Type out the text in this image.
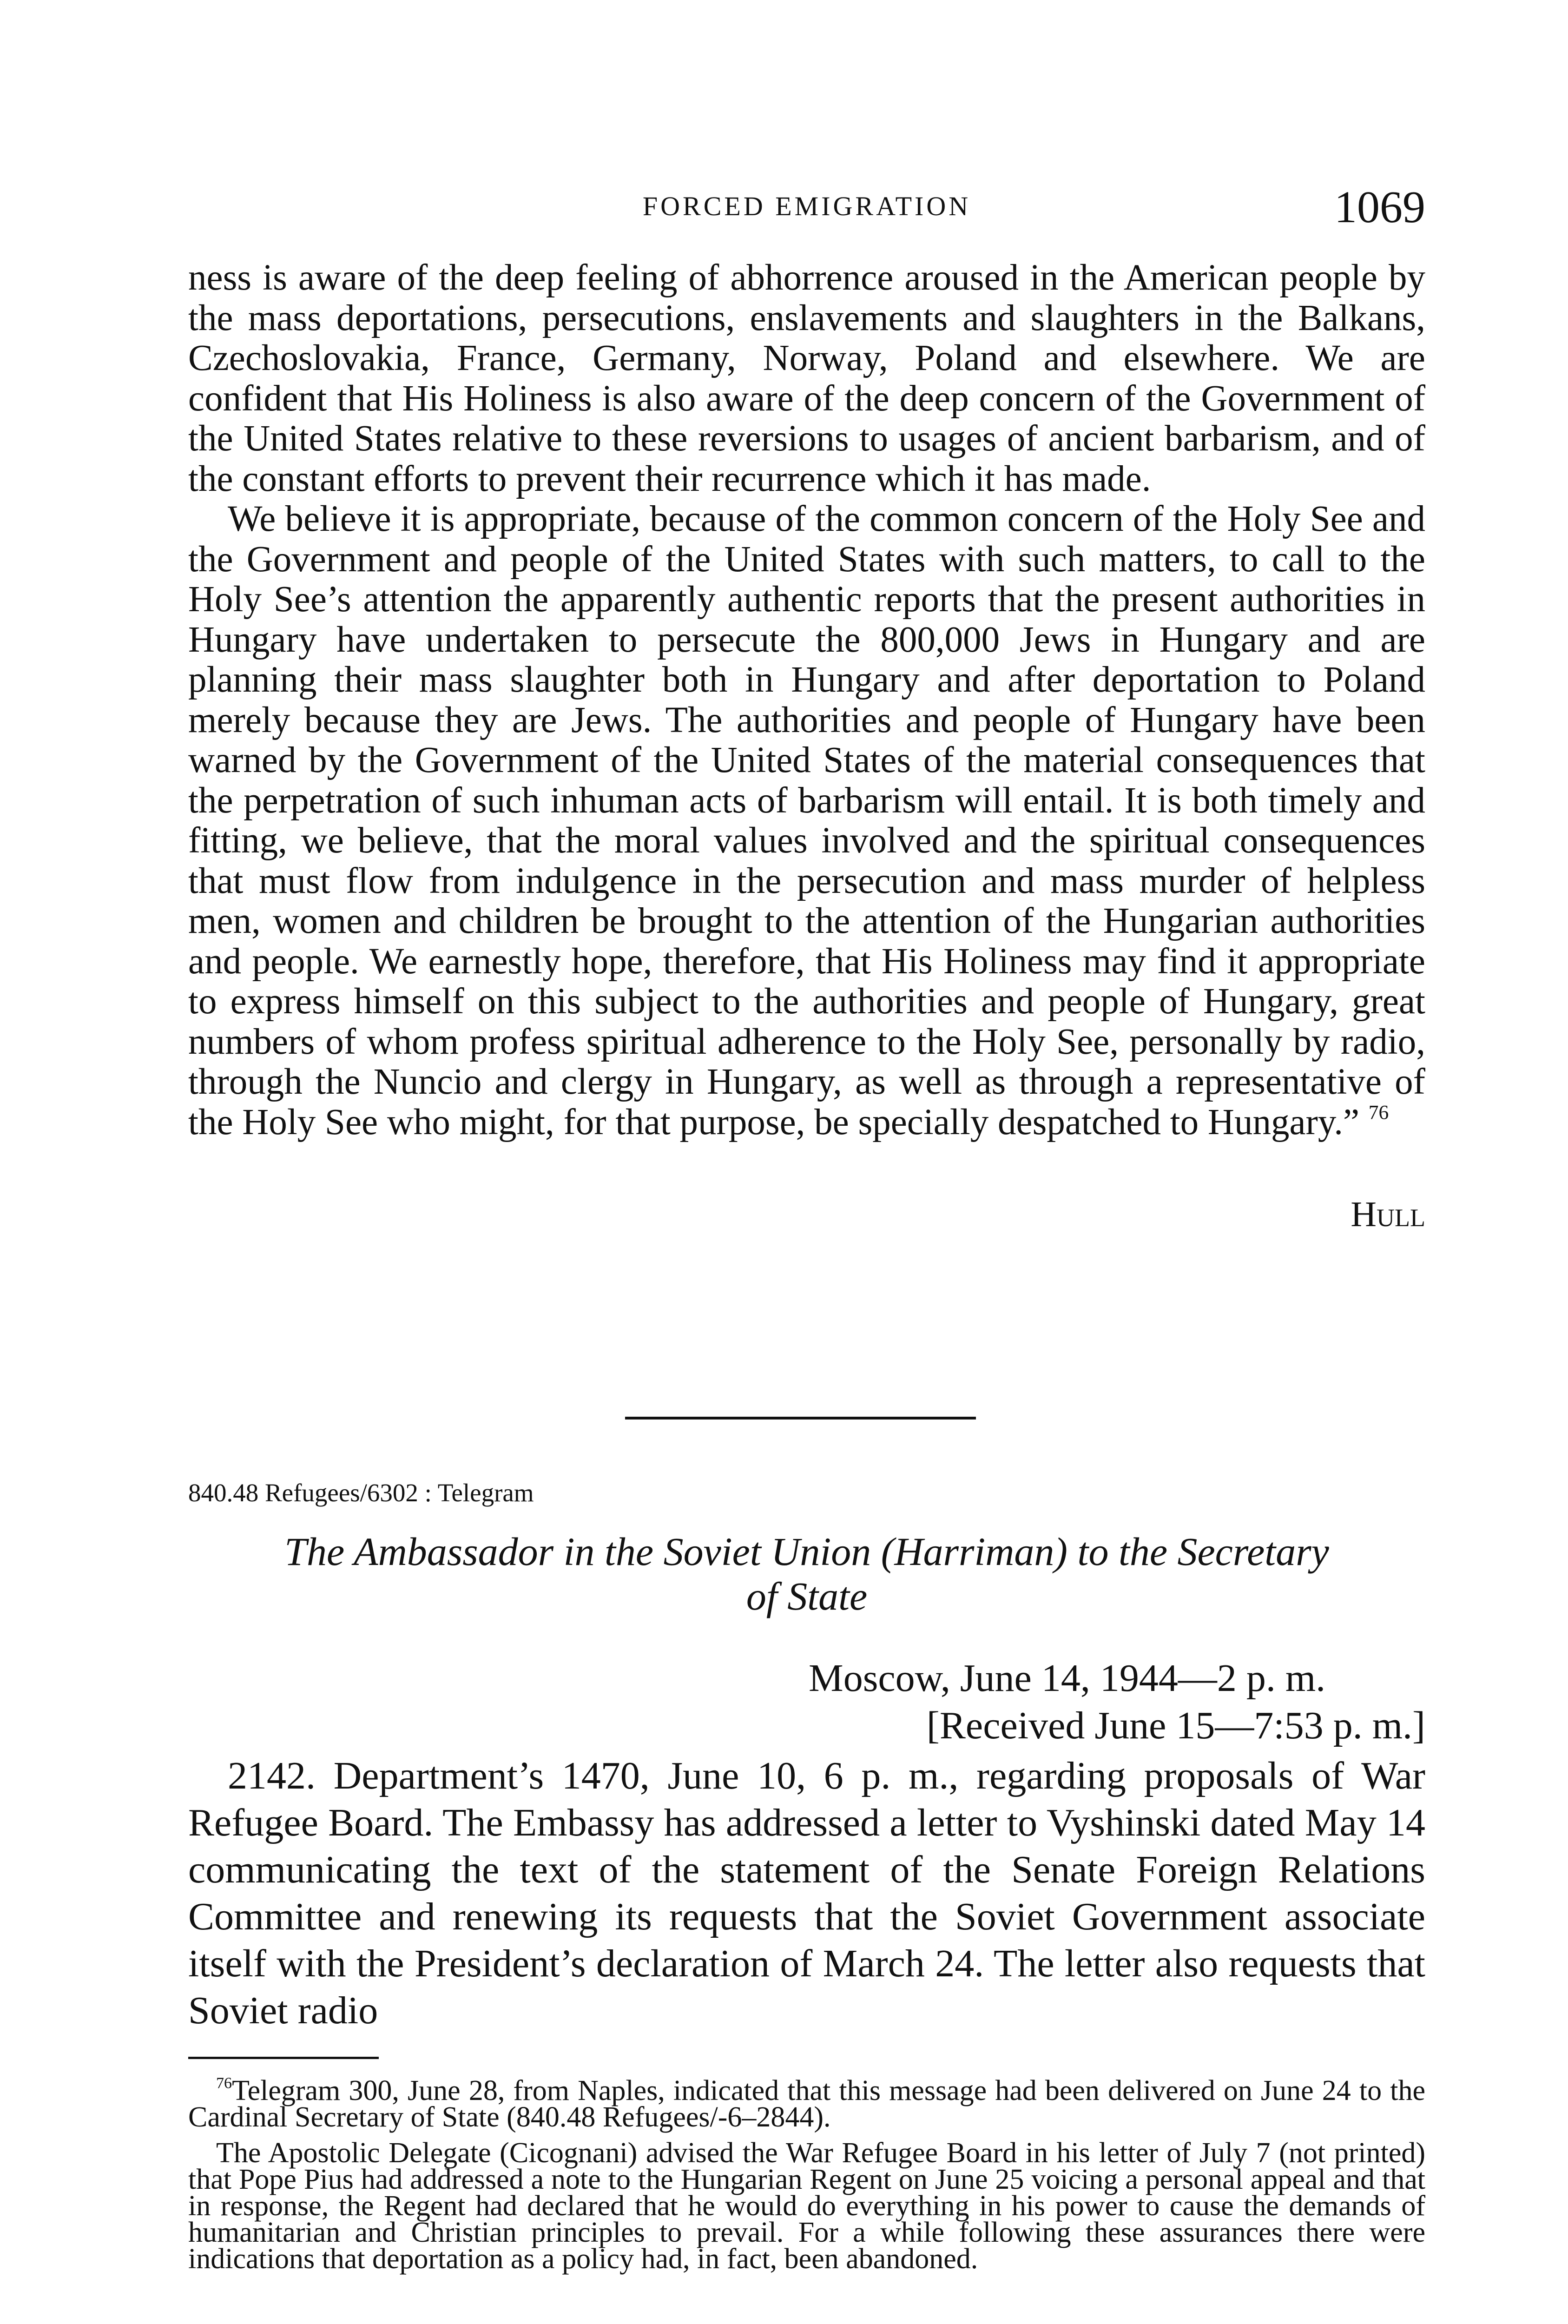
FORCED EMIGRATION	1069

ness is aware of the deep feeling of abhorrence aroused in the American people by the mass deportations, persecutions, enslavements and slaughters in the Balkans, Czechoslovakia, France, Germany, Norway, Poland and elsewhere. We are confident that His Holiness is also aware of the deep concern of the Government of the United States relative to these reversions to usages of ancient barbarism, and of the constant efforts to prevent their recurrence which it has made.

We believe it is appropriate, because of the common concern of the Holy See and the Government and people of the United States with such matters, to call to the Holy See’s attention the apparently authentic reports that the present authorities in Hungary have undertaken to persecute the 800,000 Jews in Hungary and are planning their mass slaughter both in Hungary and after deportation to Poland merely because they are Jews. The authorities and people of Hungary have been warned by the Government of the United States of the material consequences that the perpetration of such inhuman acts of barbarism will entail. It is both timely and fitting, we believe, that the moral values involved and the spiritual consequences that must flow from indulgence in the persecution and mass murder of helpless men, women and children be brought to the attention of the Hungarian authorities and people. We earnestly hope, therefore, that His Holiness may find it appropriate to express himself on this subject to the authorities and people of Hungary, great numbers of whom profess spiritual adherence to the Holy See, personally by radio, through the Nuncio and clergy in Hungary, as well as through a representative of the Holy See who might, for that purpose, be specially despatched to Hungary.” $^{76}$

Hull
840.48 Refugees/6302 : Telegram
The Ambassador in the Soviet Union (Harriman) to the Secretary
of State
Moscow, June 14, 1944—2 p. m.
[Received June 15—7:53 p. m.]

2142. Department’s 1470, June 10, 6 p. m., regarding proposals of War Refugee Board. The Embassy has addressed a letter to Vyshinski dated May 14 communicating the text of the statement of the Senate Foreign Relations Committee and renewing its requests that the Soviet Government associate itself with the President’s declaration of March 24. The letter also requests that Soviet radio

$^{76}$Telegram 300, June 28, from Naples, indicated that this message had been delivered on June 24 to the Cardinal Secretary of State (840.48 Refugees/-6–2844).

The Apostolic Delegate (Cicognani) advised the War Refugee Board in his letter of July 7 (not printed) that Pope Pius had addressed a note to the Hungarian Regent on June 25 voicing a personal appeal and that in response, the Regent had declared that he would do everything in his power to cause the demands of humanitarian and Christian principles to prevail. For a while following these assurances there were indications that deportation as a policy had, in fact, been abandoned.
